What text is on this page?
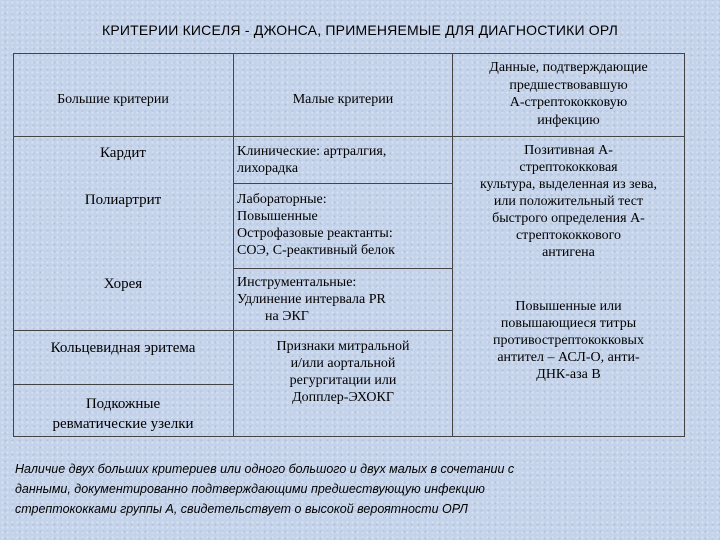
КРИТЕРИИ КИСЕЛЯ - ДЖОНСА, ПРИМЕНЯЕМЫЕ ДЛЯ ДИАГНОСТИКИ ОРЛ
Большие критерии	Малые критерии
Данные, подтверждающие
предшествовавшую
А-стрептококковую
инфекцию
Кардит
Полиартрит
Хорея
Кольцевидная эритема
Подкожные
ревматические узелки
Клинические: артралгия,
лихорадка
Лабораторные:
Повышенные
Острофазовые реактанты:
СОЭ, С-реактивный белок
Инструментальные:
Удлинение интервала PR
на ЭКГ
Признаки митральной
и/или аортальной
регургитации или
Допплер-ЭХОКГ
Позитивная А-
стрептококковая
культура, выделенная из зева,
или положительный тест
быстрого определения А-
стрептококкового
антигена
Повышенные или
повышающиеся титры
противострептококковых
антител – АСЛ-О, анти-
ДНК-аза В
Наличие двух больших критериев или одного большого и двух малых в сочетании с
данными, документированно подтверждающими предшествующую инфекцию
стрептококками группы А, свидетельствует о высокой вероятности ОРЛ
